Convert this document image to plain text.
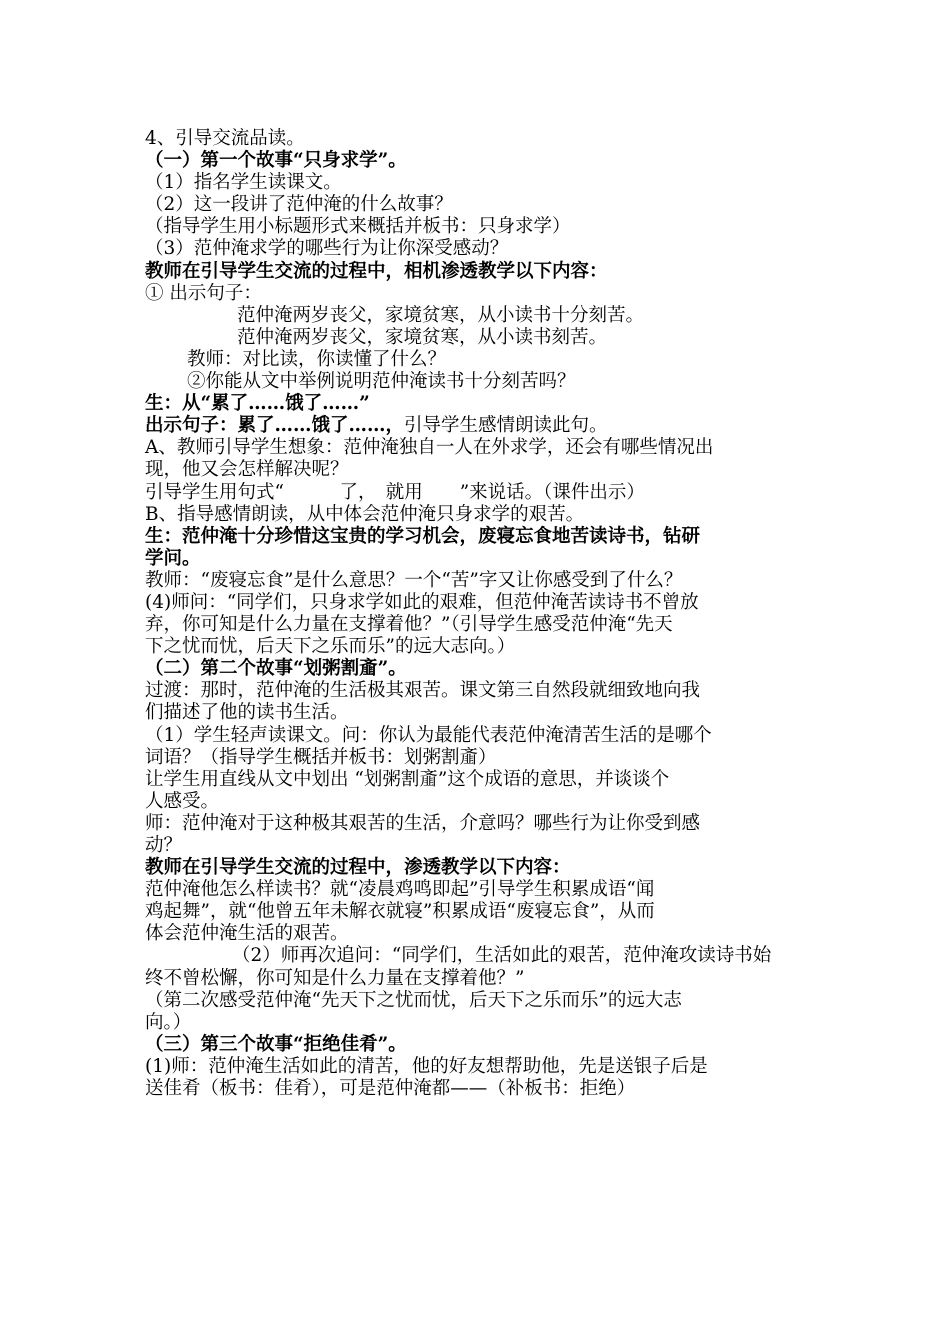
4、引导交流品读。

（一）第一个故事“只身求学”。

（1）指名学生读课文。

（2）这一段讲了范仲淹的什么故事？

（指导学生用小标题形式来概括并板书：只身求学）

（3）范仲淹求学的哪些行为让你深受感动？

教师在引导学生交流的过程中，相机渗透教学以下内容：

① 出示句子：

范仲淹两岁丧父，家境贫寒，从小读书十分刻苦。

范仲淹两岁丧父，家境贫寒，从小读书刻苦。

教师：对比读，你读懂了什么？

②你能从文中举例说明范仲淹读书十分刻苦吗？

生：从“累了……饿了……”

出示句子：累了……饿了……，引导学生感情朗读此句。

A、教师引导学生想象：范仲淹独自一人在外求学，还会有哪些情况出

现，他又会怎样解决呢？

引导学生用句式“　　　了，　就用　　”来说话。（课件出示）

B、指导感情朗读，从中体会范仲淹只身求学的艰苦。

生：范仲淹十分珍惜这宝贵的学习机会，废寝忘食地苦读诗书，钻研

学问。

教师：“废寝忘食”是什么意思？一个“苦”字又让你感受到了什么？

(4)师问：“同学们，只身求学如此的艰难，但范仲淹苦读诗书不曾放

弃，你可知是什么力量在支撑着他？”（引导学生感受范仲淹“先天

下之忧而忧，后天下之乐而乐”的远大志向。）

（二）第二个故事“划粥割齑”。

过渡：那时，范仲淹的生活极其艰苦。课文第三自然段就细致地向我

们描述了他的读书生活。

（1）学生轻声读课文。问：你认为最能代表范仲淹清苦生活的是哪个

词语？（指导学生概括并板书：划粥割齑）

让学生用直线从文中划出 “划粥割齑”这个成语的意思，并谈谈个

人感受。

师：范仲淹对于这种极其艰苦的生活，介意吗？哪些行为让你受到感

动？

教师在引导学生交流的过程中，渗透教学以下内容：

范仲淹他怎么样读书？就“凌晨鸡鸣即起”引导学生积累成语“闻

鸡起舞”，就“他曾五年未解衣就寝”积累成语“废寝忘食”，从而

体会范仲淹生活的艰苦。

（2）师再次追问：“同学们，生活如此的艰苦，范仲淹攻读诗书始

终不曾松懈，你可知是什么力量在支撑着他？”

（第二次感受范仲淹“先天下之忧而忧，后天下之乐而乐”的远大志

向。）

（三）第三个故事“拒绝佳肴”。

(1)师：范仲淹生活如此的清苦，他的好友想帮助他，先是送银子后是

送佳肴（板书：佳肴），可是范仲淹都——（补板书：拒绝）
